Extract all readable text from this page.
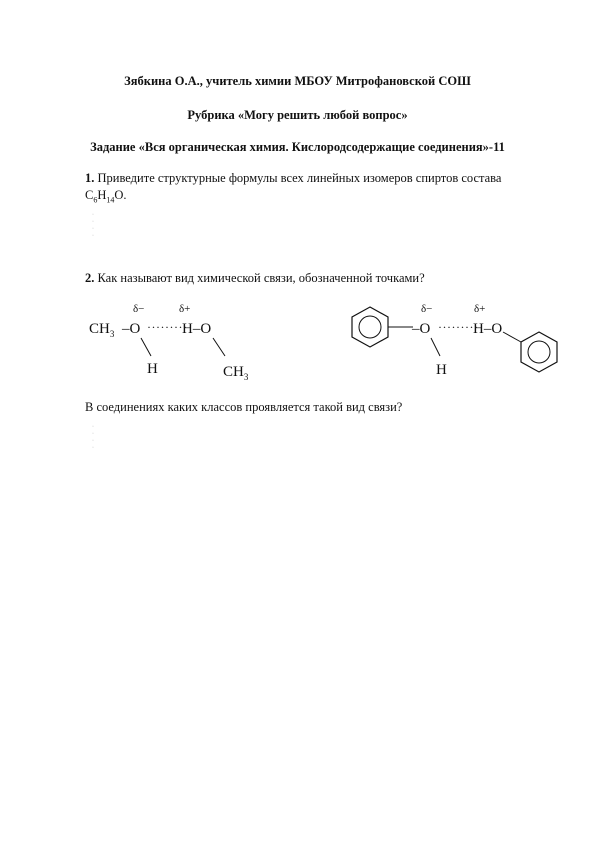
Зябкина О.А., учитель химии МБОУ Митрофановской СОШ
Рубрика «Могу решить любой вопрос»
Задание «Вся органическая химия. Кислородсодержащие соединения»-11
1. Приведите структурные формулы всех линейных изомеров спиртов состава
$C_6H_{14}O$.
·
·
·
·
2. Как называют вид химической связи, обозначенной точками?
δ−	δ+
$CH_3$ –O ·········
H–O
H	$CH_3$
δ−	δ+
–O ·········
H–O
H
В соединениях каких классов проявляется такой вид связи?
·
·
·
·
